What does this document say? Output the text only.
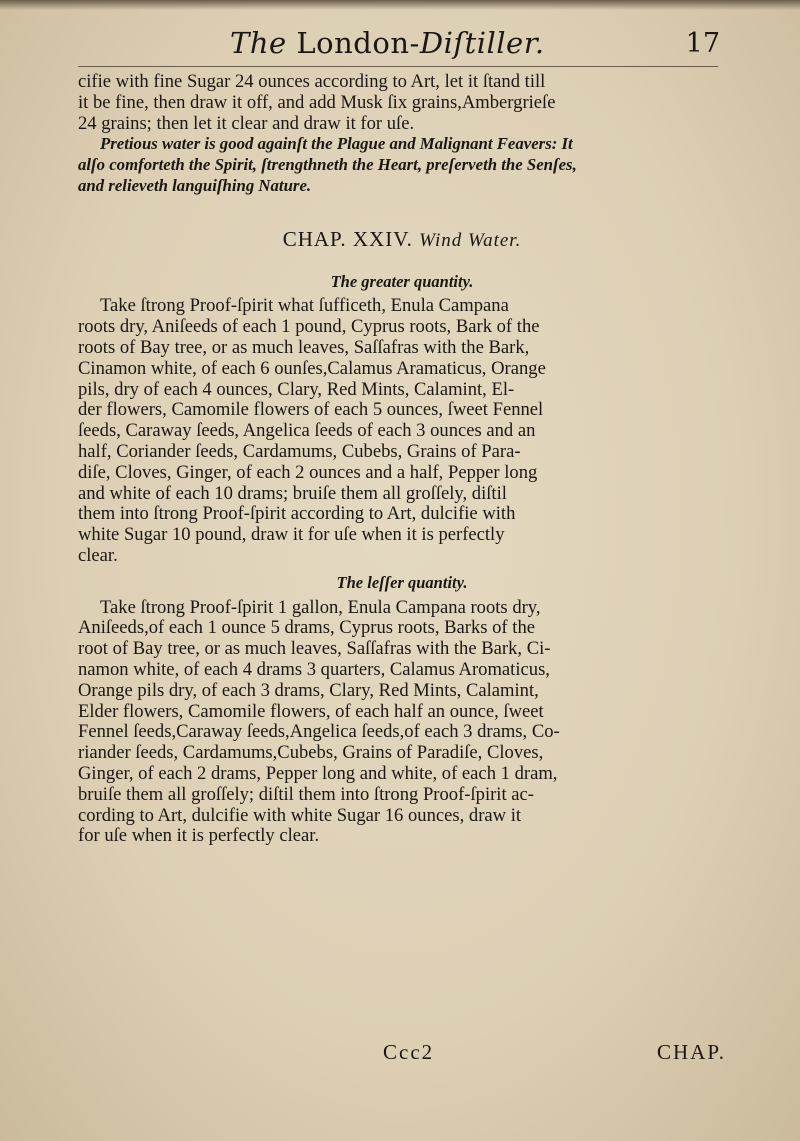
The London-Diſtiller.	17
cifie with fine Sugar 24 ounces according to Art, let it ſtand till
it be fine, then draw it off, and add Musk ſix grains,Ambergrieſe
24 grains; then let it clear and draw it for uſe.
Pretious water is good againſt the Plague and Malignant Feavers: It
alſo comforteth the Spirit, ſtrengthneth the Heart, preſerveth the Senſes,
and relieveth languiſhing Nature.
CHAP. XXIV. Wind Water.
The greater quantity.
Take ſtrong Proof-ſpirit what ſufficeth, Enula Campana
roots dry, Aniſeeds of each 1 pound, Cyprus roots, Bark of the
roots of Bay tree, or as much leaves, Saſſafras with the Bark,
Cinamon white, of each 6 ounſes,Calamus Aramaticus, Orange
pils, dry of each 4 ounces, Clary, Red Mints, Calamint, El-
der flowers, Camomile flowers of each 5 ounces, ſweet Fennel
ſeeds, Caraway ſeeds, Angelica ſeeds of each 3 ounces and an
half, Coriander ſeeds, Cardamums, Cubebs, Grains of Para-
diſe, Cloves, Ginger, of each 2 ounces and a half, Pepper long
and white of each 10 drams; bruiſe them all groſſely, diſtil
them into ſtrong Proof-ſpirit according to Art, dulcifie with
white Sugar 10 pound, draw it for uſe when it is perfectly
clear.
The leſſer quantity.
Take ſtrong Proof-ſpirit 1 gallon, Enula Campana roots dry,
Aniſeeds,of each 1 ounce 5 drams, Cyprus roots, Barks of the
root of Bay tree, or as much leaves, Saſſafras with the Bark, Ci-
namon white, of each 4 drams 3 quarters, Calamus Aromaticus,
Orange pils dry, of each 3 drams, Clary, Red Mints, Calamint,
Elder flowers, Camomile flowers, of each half an ounce, ſweet
Fennel ſeeds,Caraway ſeeds,Angelica ſeeds,of each 3 drams, Co-
riander ſeeds, Cardamums,Cubebs, Grains of Paradiſe, Cloves,
Ginger, of each 2 drams, Pepper long and white, of each 1 dram,
bruiſe them all groſſely; diſtil them into ſtrong Proof-ſpirit ac-
cording to Art, dulcifie with white Sugar 16 ounces, draw it
for uſe when it is perfectly clear.
Ccc2	CHAP.
